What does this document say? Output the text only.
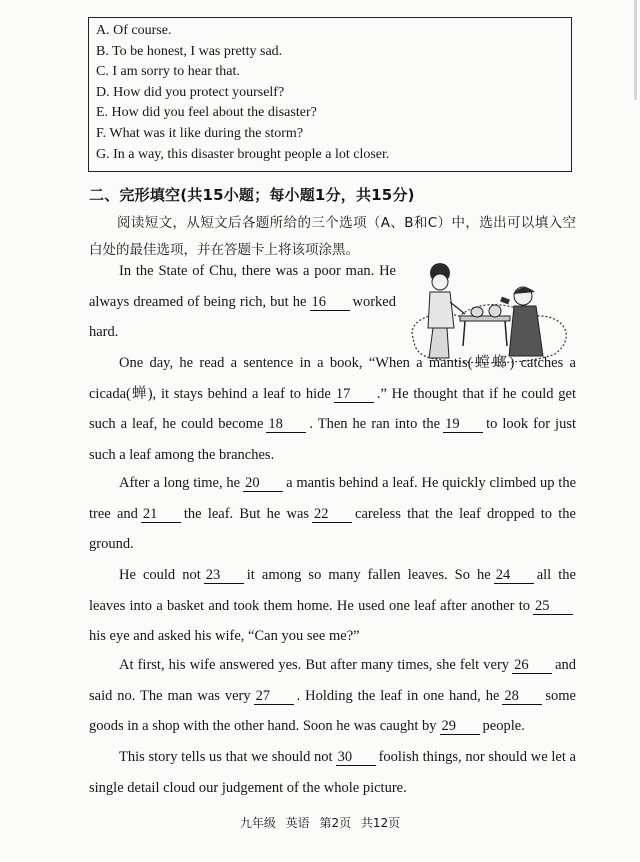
A. Of course.
B. To be honest, I was pretty sad.
C. I am sorry to hear that.
D. How did you protect yourself?
E. How did you feel about the disaster?
F. What was it like during the storm?
G. In a way, this disaster brought people a lot closer.
二、完形填空(共15小题；每小题1分，共15分)
阅读短文，从短文后各题所给的三个选项（A、B和C）中，选出可以填入空白处的最佳选项，并在答题卡上将该项涂黑。
In the State of Chu, there was a poor man. He always dreamed of being rich, but he 16 worked hard.
One day, he read a sentence in a book, “When a mantis(螳螂) catches a cicada(蝉), it stays behind a leaf to hide 17 .” He thought that if he could get such a leaf, he could become 18 . Then he ran into the 19 to look for just such a leaf among the branches.
After a long time, he 20 a mantis behind a leaf. He quickly climbed up the tree and 21 the leaf. But he was 22 careless that the leaf dropped to the ground.
He could not 23 it among so many fallen leaves. So he 24 all the leaves into a basket and took them home. He used one leaf after another to 25his eye and asked his wife, “Can you see me?”
At first, his wife answered yes. But after many times, she felt very 26 and said no. The man was very 27 . Holding the leaf in one hand, he 28 some goods in a shop with the other hand. Soon he was caught by 29 people.
This story tells us that we should not 30 foolish things, nor should we let a single detail cloud our judgement of the whole picture.
九年级 英语 第2页 共12页
